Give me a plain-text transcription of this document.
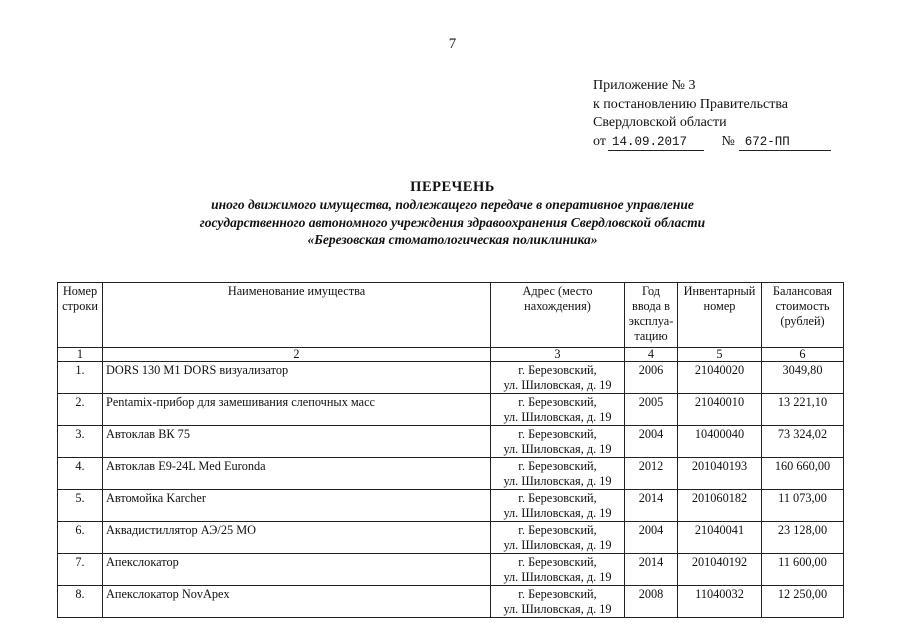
7
Приложение № 3
к постановлению Правительства
Свердловской области
от 14.09.2017 № 672-ПП
ПЕРЕЧЕНЬ
иного движимого имущества, подлежащего передаче в оперативное управление
государственного автономного учреждения здравоохранения Свердловской области
«Березовская стоматологическая поликлиника»
Номер строки	Наименование имущества	Адрес (место нахождения)	Год ввода в эксплуа-тацию	Инвентарный номер	Балансовая стоимость (рублей)
1	2	3	4	5	6
1.	DORS 130 M1 DORS визуализатор	г. Березовский,
ул. Шиловская, д. 19	2006	21040020	3049,80
2.	Pentamix-прибор для замешивания слепочных масс	г. Березовский,
ул. Шиловская, д. 19	2005	21040010	13 221,10
3.	Автоклав ВК 75	г. Березовский,
ул. Шиловская, д. 19	2004	10400040	73 324,02
4.	Автоклав E9-24L Med Euronda	г. Березовский,
ул. Шиловская, д. 19	2012	201040193	160 660,00
5.	Автомойка Karcher	г. Березовский,
ул. Шиловская, д. 19	2014	201060182	11 073,00
6.	Аквадистиллятор АЭ/25 МО	г. Березовский,
ул. Шиловская, д. 19	2004	21040041	23 128,00
7.	Апекслокатор	г. Березовский,
ул. Шиловская, д. 19	2014	201040192	11 600,00
8.	Апекслокатор NovApex	г. Березовский,
ул. Шиловская, д. 19	2008	11040032	12 250,00
